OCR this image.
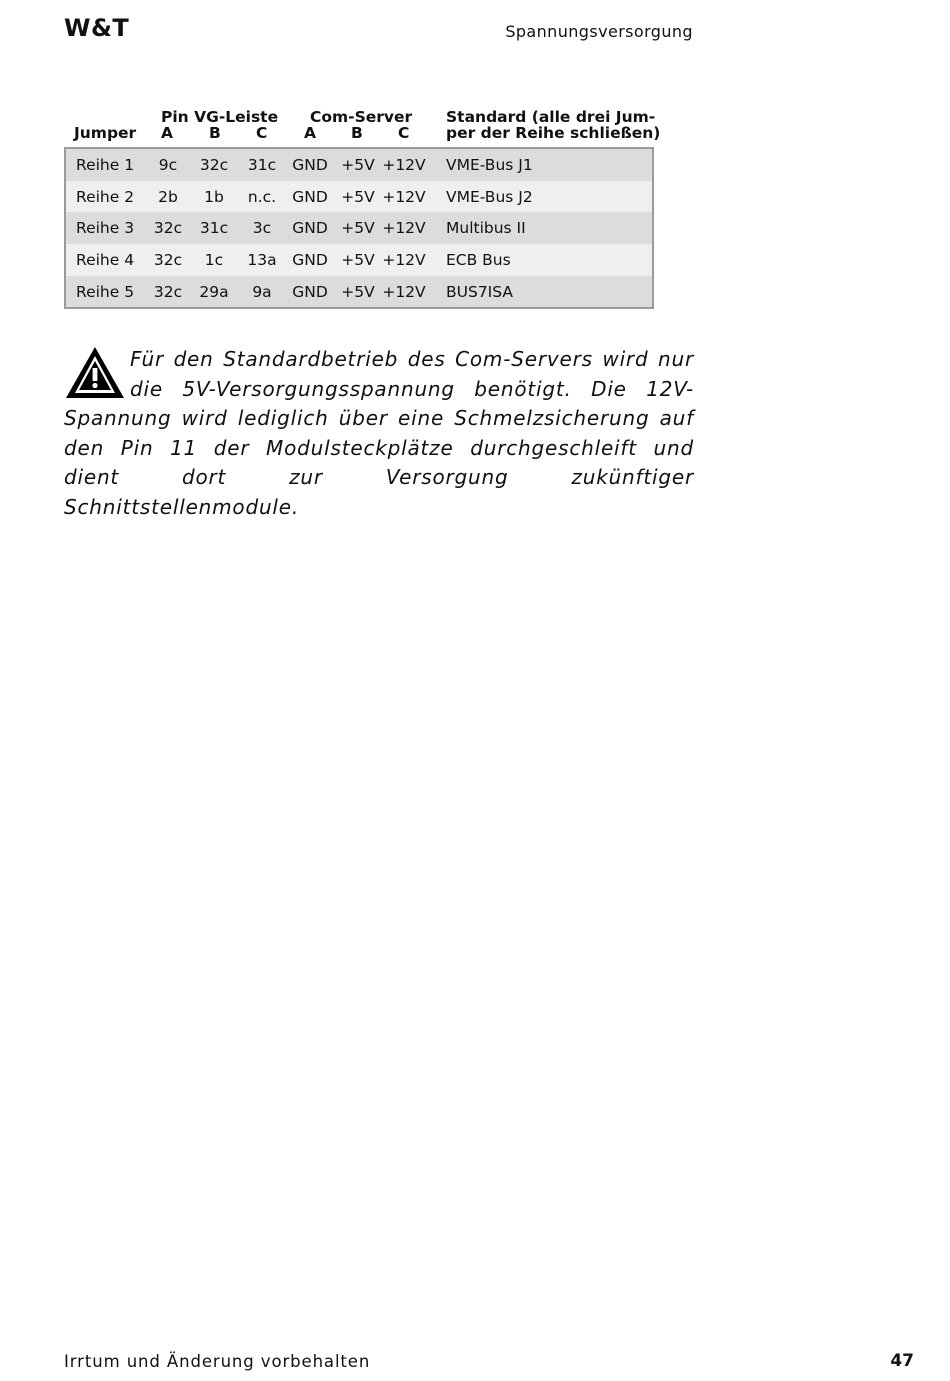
W&T	Spannungsversorgung
Pin VG-Leiste Com-Server Standard (alle drei Jum-
Jumper A B C A B C per der Reihe schließen)
Reihe 1	9c	32c	31c	GND +5V +12V VME-Bus J1
Reihe 2	2b	1b	n.c.	GND +5V +12V VME-Bus J2
Reihe 3	32c	31c	3c	GND +5V +12V Multibus II
Reihe 4	32c	1c	13a	GND +5V +12V ECB Bus
Reihe 5	32c	29a	9a	GND +5V +12V BUS7ISA
Für den Standardbetrieb des Com-Servers wird nur die 5V-Versorgungsspannung benötigt. Die 12V-Spannung wird lediglich über eine Schmelzsicherung auf den Pin 11 der Modulsteckplätze durchgeschleift und dient dort zur Versorgung zukünftiger Schnittstellenmodule.
Irrtum und Änderung vorbehalten	47
